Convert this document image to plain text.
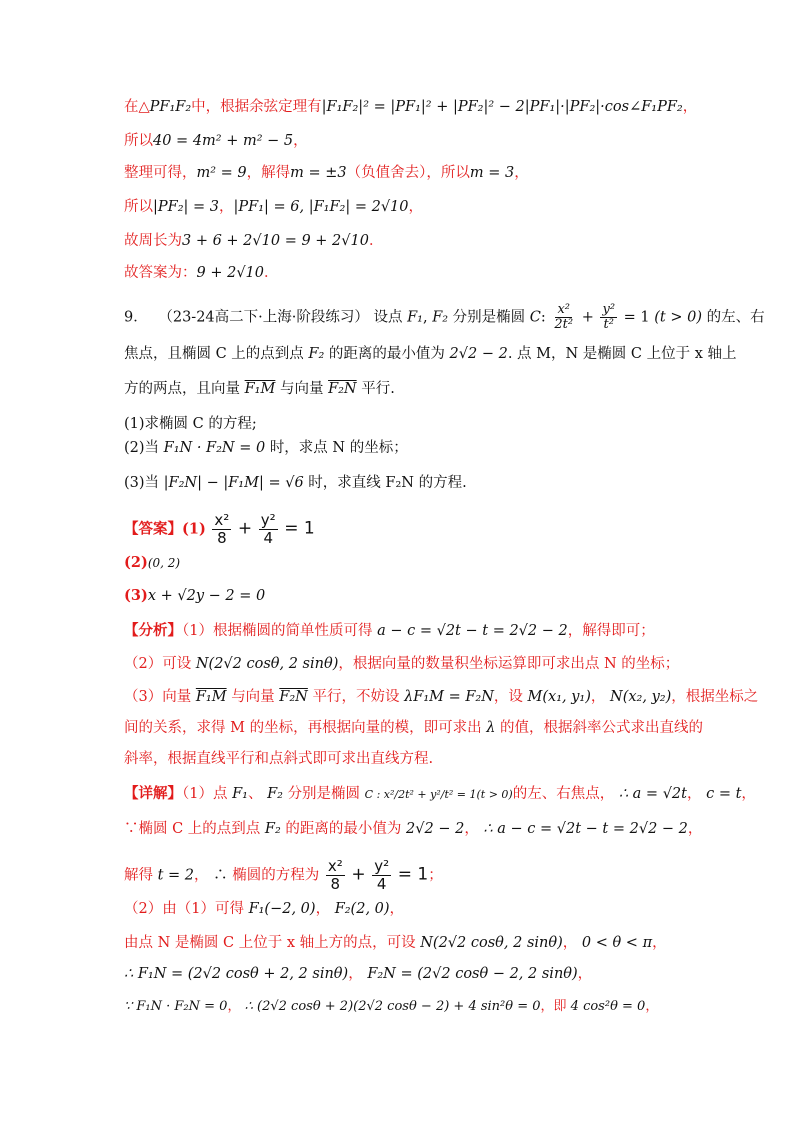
在△PF₁F₂中，根据余弦定理有|F₁F₂|² = |PF₁|² + |PF₂|² − 2|PF₁|·|PF₂|·cos∠F₁PF₂，
所以40 = 4m² + m² − 5，
整理可得，m² = 9，解得m = ±3（负值舍去），所以m = 3，
所以|PF₂| = 3，|PF₁| = 6, |F₁F₂| = 2√10，
故周长为3 + 6 + 2√10 = 9 + 2√10．
故答案为：9 + 2√10．
9． （23-24高二下·上海·阶段练习） 设点 F₁, F₂ 分别是椭圆 C: $\frac{\text{x²}}{\text{2t²}} + \frac{\text{y²}}{\text{t²}} = 1$ (t > 0) 的左、右
焦点，且椭圆 C 上的点到点 F₂ 的距离的最小值为 2√2 − 2. 点 M，N 是椭圆 C 上位于 x 轴上
方的两点，且向量 F₁M 与向量 F₂N 平行.
(1)求椭圆 C 的方程;
(2)当 F₁N · F₂N = 0 时，求点 N 的坐标；
(3)当 |F₂N| − |F₁M| = √6 时，求直线 F₂N 的方程.
【答案】$(1) \frac{\text{x²}}{8} + \frac{\text{y²}}{4} = 1$
(2)(0, 2)
(3)x + √2y − 2 = 0
【分析】（1）根据椭圆的简单性质可得 a − c = √2t − t = 2√2 − 2，解得即可；
（2）可设 N(2√2 cosθ, 2 sinθ)，根据向量的数量积坐标运算即可求出点 N 的坐标；
（3）向量 F₁M 与向量 F₂N 平行，不妨设 λF₁M = F₂N，设 M(x₁, y₁)， N(x₂, y₂)，根据坐标之
间的关系，求得 M 的坐标，再根据向量的模，即可求出 λ 的值，根据斜率公式求出直线的
斜率，根据直线平行和点斜式即可求出直线方程.
【详解】（1）点 F₁、 F₂ 分别是椭圆 C : x²/2t² + y²/t² = 1(t > 0)的左、右焦点， ∴ a = √2t， c = t，
∵椭圆 C 上的点到点 F₂ 的距离的最小值为 2√2 − 2， ∴ a − c = √2t − t = 2√2 − 2，
解得 t = 2， ∴ 椭圆的方程为 $\frac{\text{x²}}{8} + \frac{\text{y²}}{4} = 1$；
（2）由（1）可得 F₁(−2, 0)， F₂(2, 0)，
由点 N 是椭圆 C 上位于 x 轴上方的点，可设 N(2√2 cosθ, 2 sinθ)， 0 < θ < π，
∴ F₁N = (2√2 cosθ + 2, 2 sinθ)， F₂N = (2√2 cosθ − 2, 2 sinθ)，
∵ F₁N · F₂N = 0， ∴ (2√2 cosθ + 2)(2√2 cosθ − 2) + 4 sin²θ = 0，即 4 cos²θ = 0，
